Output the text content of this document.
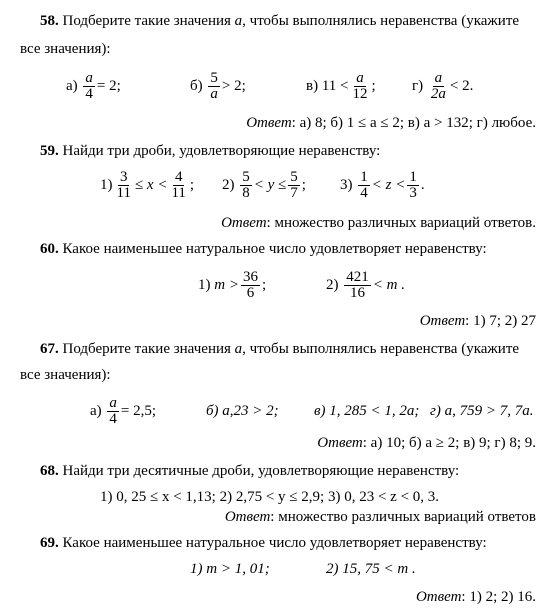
58. Подберите такие значения a, чтобы выполнялись неравенства (укажите
все значения):
а)
$\frac{a}{4} = 2$;	б)
$\frac{5}{a} > 2$;	в)
$11 < \frac{a}{12}$ ; г)
$\frac{a}{2a} < 2$.
Ответ: а) 8; б) 1 ≤ a ≤ 2; в) a > 132; г) любое.
59. Найди три дроби, удовлетворяющие неравенству:
$1) \frac{3}{11} \le x < \frac{4}{11}$ ; 2)
$\frac{5}{8} < y \le \frac{5}{7}$ ; 3)
$\frac{1}{4} < z < \frac{1}{3}$ .
Ответ: множество различных вариаций ответов.
60. Какое наименьшее натуральное число удовлетворяет неравенству:
1)
$m > \frac{36}{6}$ ;	2)
$\frac{421}{16} < m$ .
Ответ: 1) 7; 2) 27
67. Подберите такие значения a, чтобы выполнялись неравенства (укажите
все значения):
а)
$\frac{a}{4} = 2,5$;	б) a,23 > 2; в) 1, 285 < 1, 2a; г) a, 759 > 7, 7a.
Ответ: а) 10; б) a ≥ 2; в) 9; г) 8; 9.
68. Найди три десятичные дроби, удовлетворяющие неравенству:
1) 0, 25 ≤ x < 1,13; 2) 2,75 < y ≤ 2,9; 3) 0, 23 < z < 0, 3.
Ответ: множество различных вариаций ответов
69. Какое наименьшее натуральное число удовлетворяет неравенству:
1) m > 1, 01;	2) 15, 75 < m .
Ответ: 1) 2; 2) 16.
